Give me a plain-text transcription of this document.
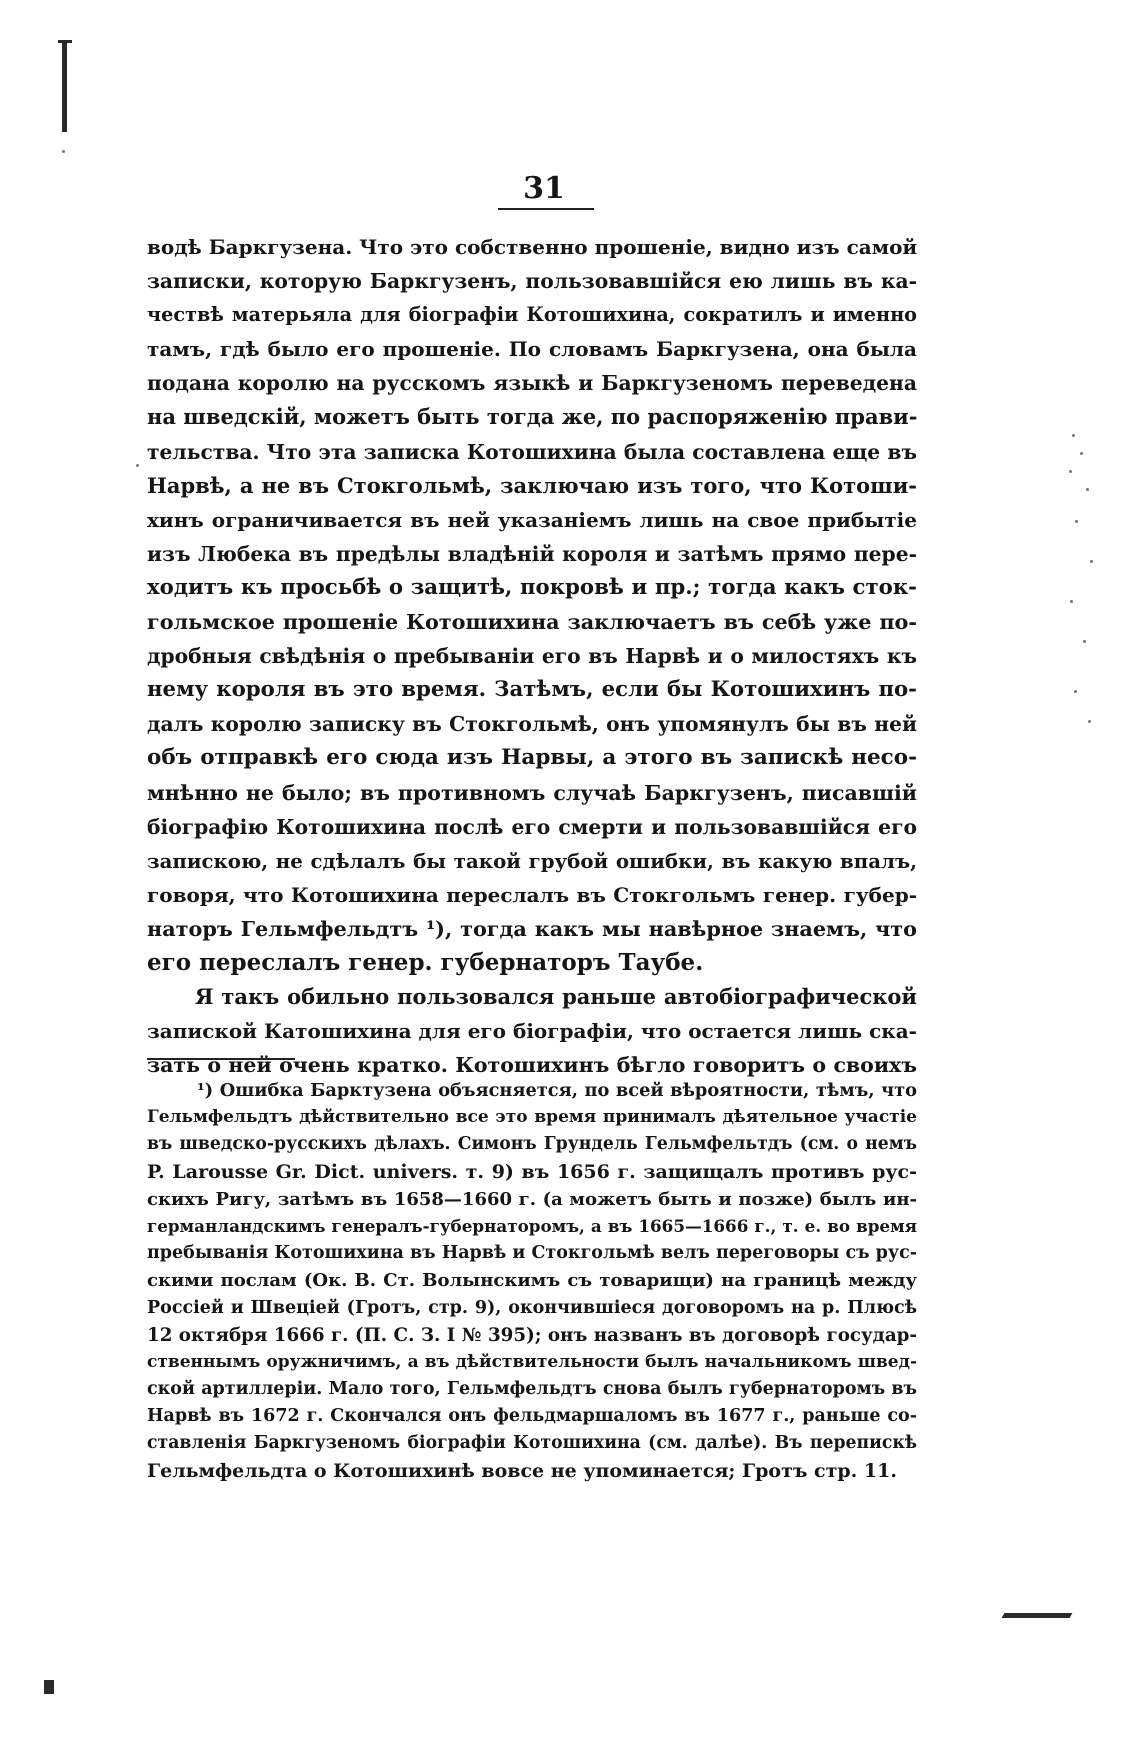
31
водѣ Баркгузена. Что это собственно прошеніе, видно изъ самой
записки, которую Баркгузенъ, пользовавшійся ею лишь въ ка-
чествѣ матерьяла для біографіи Котошихина, сократилъ и именно
тамъ, гдѣ было его прошеніе. По словамъ Баркгузена, она была
подана королю на русскомъ языкѣ и Баркгузеномъ переведена
на шведскій, можетъ быть тогда же, по распоряженію прави-
тельства. Что эта записка Котошихина была составлена еще въ
Нарвѣ, а не въ Стокгольмѣ, заключаю изъ того, что Котоши-
хинъ ограничивается въ ней указаніемъ лишь на свое прибытіе
изъ Любека въ предѣлы владѣній короля и затѣмъ прямо пере-
ходитъ къ просьбѣ о защитѣ, покровѣ и пр.; тогда какъ сток-
гольмское прошеніе Котошихина заключаетъ въ себѣ уже по-
дробныя свѣдѣнія о пребываніи его въ Нарвѣ и о милостяхъ къ
нему короля въ это время. Затѣмъ, если бы Котошихинъ по-
далъ королю записку въ Стокгольмѣ, онъ упомянулъ бы въ ней
объ отправкѣ его сюда изъ Нарвы, а этого въ запискѣ несо-
мнѣнно не было; въ противномъ случаѣ Баркгузенъ, писавшій
біографію Котошихина послѣ его смерти и пользовавшійся его
запискою, не сдѣлалъ бы такой грубой ошибки, въ какую впалъ,
говоря, что Котошихина переслалъ въ Стокгольмъ генер. губер-
наторъ Гельмфельдтъ ¹), тогда какъ мы навѣрное знаемъ, что
его переслалъ генер. губернаторъ Таубе.
Я такъ обильно пользовался раньше автобіографической
запиской Катошихина для его біографіи, что остается лишь ска-
зать о ней очень кратко. Котошихинъ бѣгло говоритъ о своихъ
¹) Ошибка Барктузена объясняется, по всей вѣроятности, тѣмъ, что
Гельмфельдтъ дѣйствительно все это время принималъ дѣятельное участіе
въ шведско-русскихъ дѣлахъ. Симонъ Грундель Гельмфельтдъ (см. о немъ
P. Larousse Gr. Dict. univers. т. 9) въ 1656 г. защищалъ противъ рус-
скихъ Ригу, затѣмъ въ 1658—1660 г. (а можетъ быть и позже) былъ ин-
германландскимъ генералъ-губернаторомъ, а въ 1665—1666 г., т. е. во время
пребыванія Котошихина въ Нарвѣ и Стокгольмѣ велъ переговоры съ рус-
скими послам (Ок. В. Ст. Волынскимъ съ товарищи) на границѣ между
Россіей и Швеціей (Гротъ, стр. 9), окончившіеся договоромъ на р. Плюсѣ
12 октября 1666 г. (П. С. З. I № 395); онъ названъ въ договорѣ государ-
ственнымъ оружничимъ, а въ дѣйствительности былъ начальникомъ швед-
ской артиллеріи. Мало того, Гельмфельдтъ снова былъ губернаторомъ въ
Нарвѣ въ 1672 г. Скончался онъ фельдмаршаломъ въ 1677 г., раньше со-
ставленія Баркгузеномъ біографіи Котошихина (см. далѣе). Въ перепискѣ
Гельмфельдта о Котошихинѣ вовсе не упоминается; Гротъ стр. 11.
